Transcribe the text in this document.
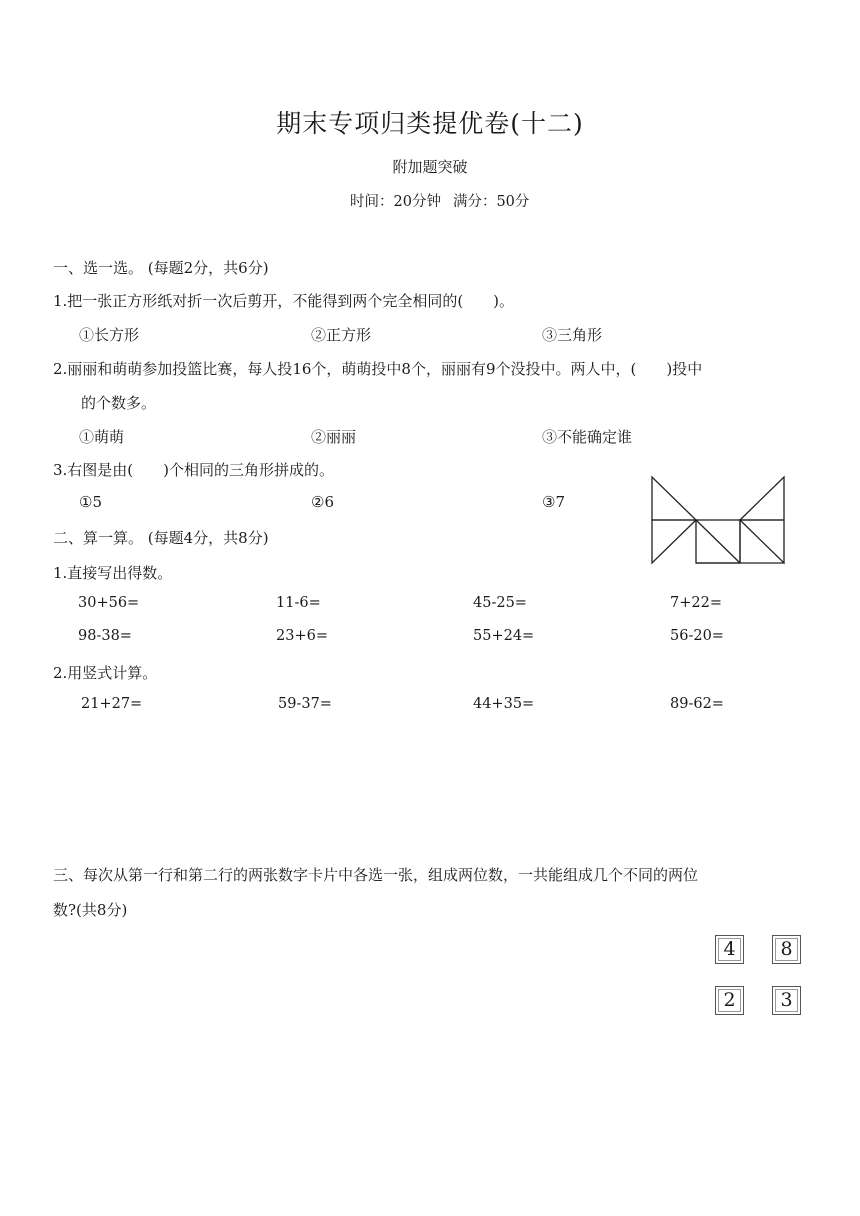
期末专项归类提优卷(十二)
附加题突破
时间：20分钟 满分：50分
一、选一选。 (每题2分，共6分)
1.把一张正方形纸对折一次后剪开，不能得到两个完全相同的(　　)。
①长方形	②正方形	③三角形
2.丽丽和萌萌参加投篮比赛，每人投16个，萌萌投中8个，丽丽有9个没投中。两人中，(　　)投中
的个数多。
①萌萌	②丽丽	③不能确定谁
3.右图是由(　　)个相同的三角形拼成的。
①5	②6	③7
二、算一算。 (每题4分，共8分)
1.直接写出得数。
30+56=	11-6=	45-25=	7+22=
98-38=	23+6=	55+24=	56-20=
2.用竖式计算。
21+27=	59-37=	44+35=	89-62=
三、每次从第一行和第二行的两张数字卡片中各选一张，组成两位数，一共能组成几个不同的两位
数?(共8分)
4	8
2	3
